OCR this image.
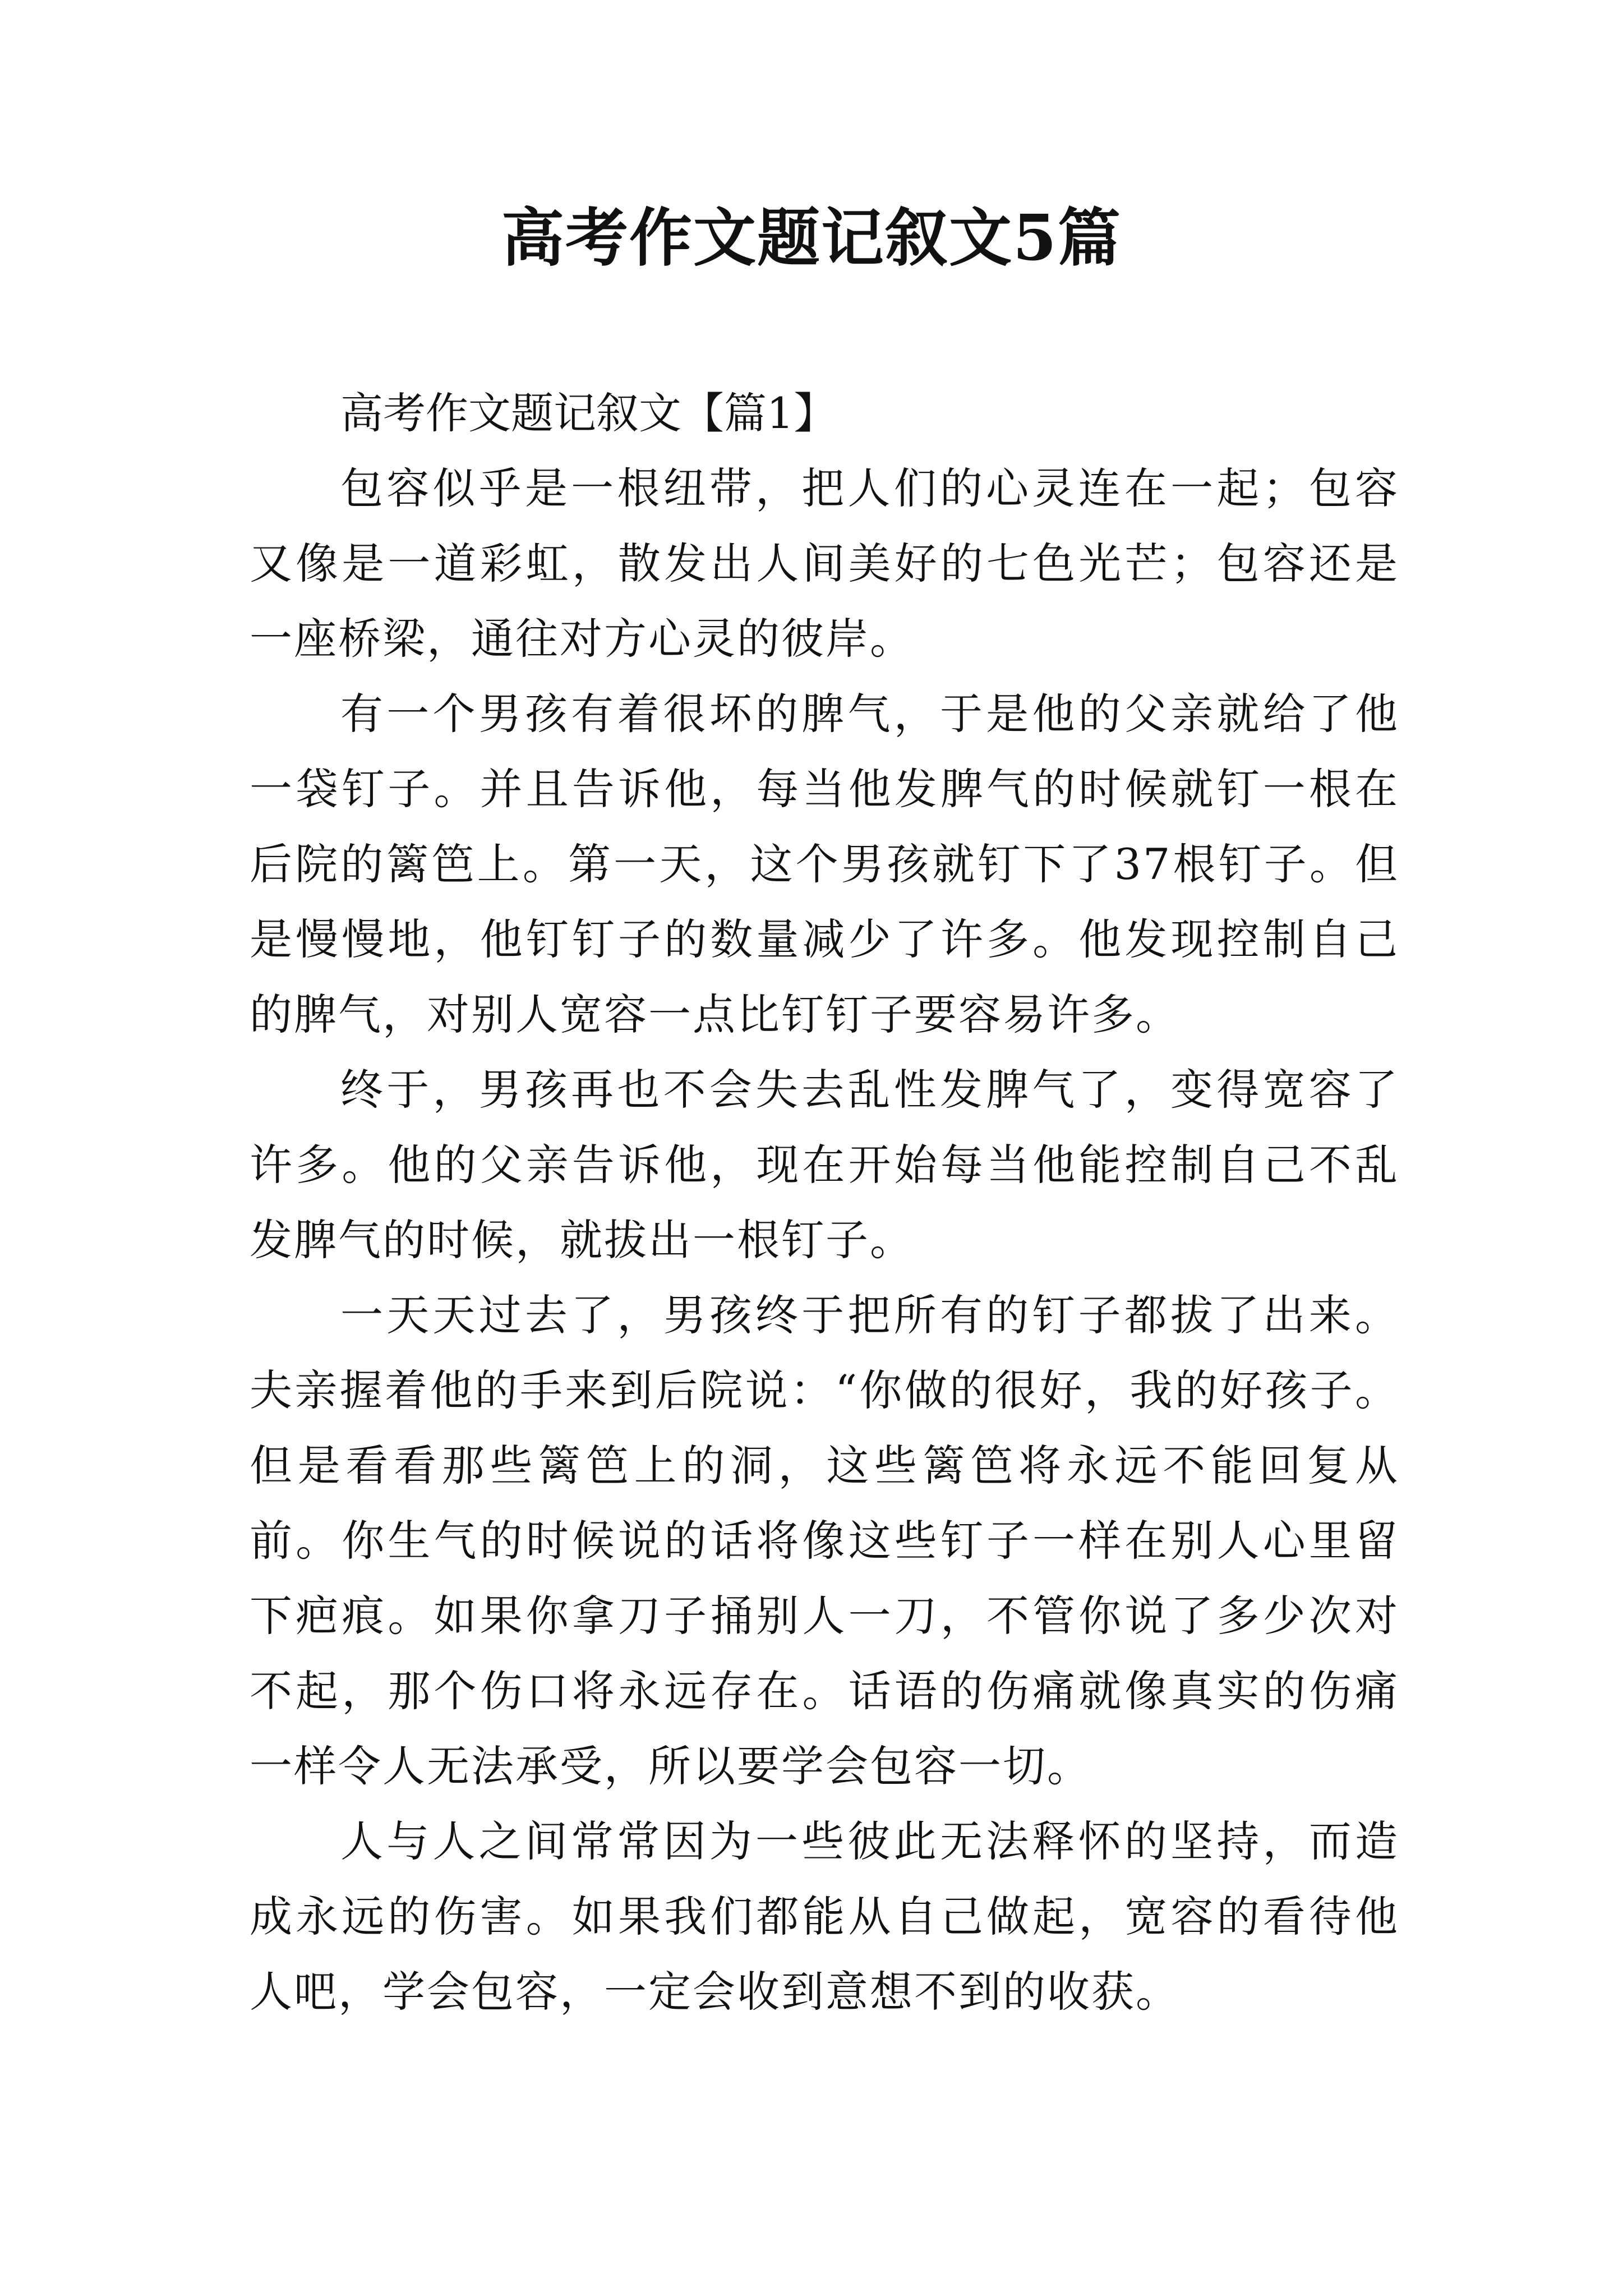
高考作文题记叙文5篇

高考作文题记叙文【篇1】

包容似乎是一根纽带，把人们的心灵连在一起；包容又像是一道彩虹，散发出人间美好的七色光芒；包容还是一座桥梁，通往对方心灵的彼岸。

有一个男孩有着很坏的脾气，于是他的父亲就给了他一袋钉子。并且告诉他，每当他发脾气的时候就钉一根在后院的篱笆上。第一天，这个男孩就钉下了37根钉子。但是慢慢地，他钉钉子的数量减少了许多。他发现控制自己的脾气，对别人宽容一点比钉钉子要容易许多。

终于，男孩再也不会失去乱性发脾气了，变得宽容了许多。他的父亲告诉他，现在开始每当他能控制自己不乱发脾气的时候，就拔出一根钉子。

一天天过去了，男孩终于把所有的钉子都拔了出来。夫亲握着他的手来到后院说：“你做的很好，我的好孩子。但是看看那些篱笆上的洞，这些篱笆将永远不能回复从前。你生气的时候说的话将像这些钉子一样在别人心里留下疤痕。如果你拿刀子捅别人一刀，不管你说了多少次对不起，那个伤口将永远存在。话语的伤痛就像真实的伤痛一样令人无法承受，所以要学会包容一切。

人与人之间常常因为一些彼此无法释怀的坚持，而造成永远的伤害。如果我们都能从自己做起，宽容的看待他人吧，学会包容，一定会收到意想不到的收获。
